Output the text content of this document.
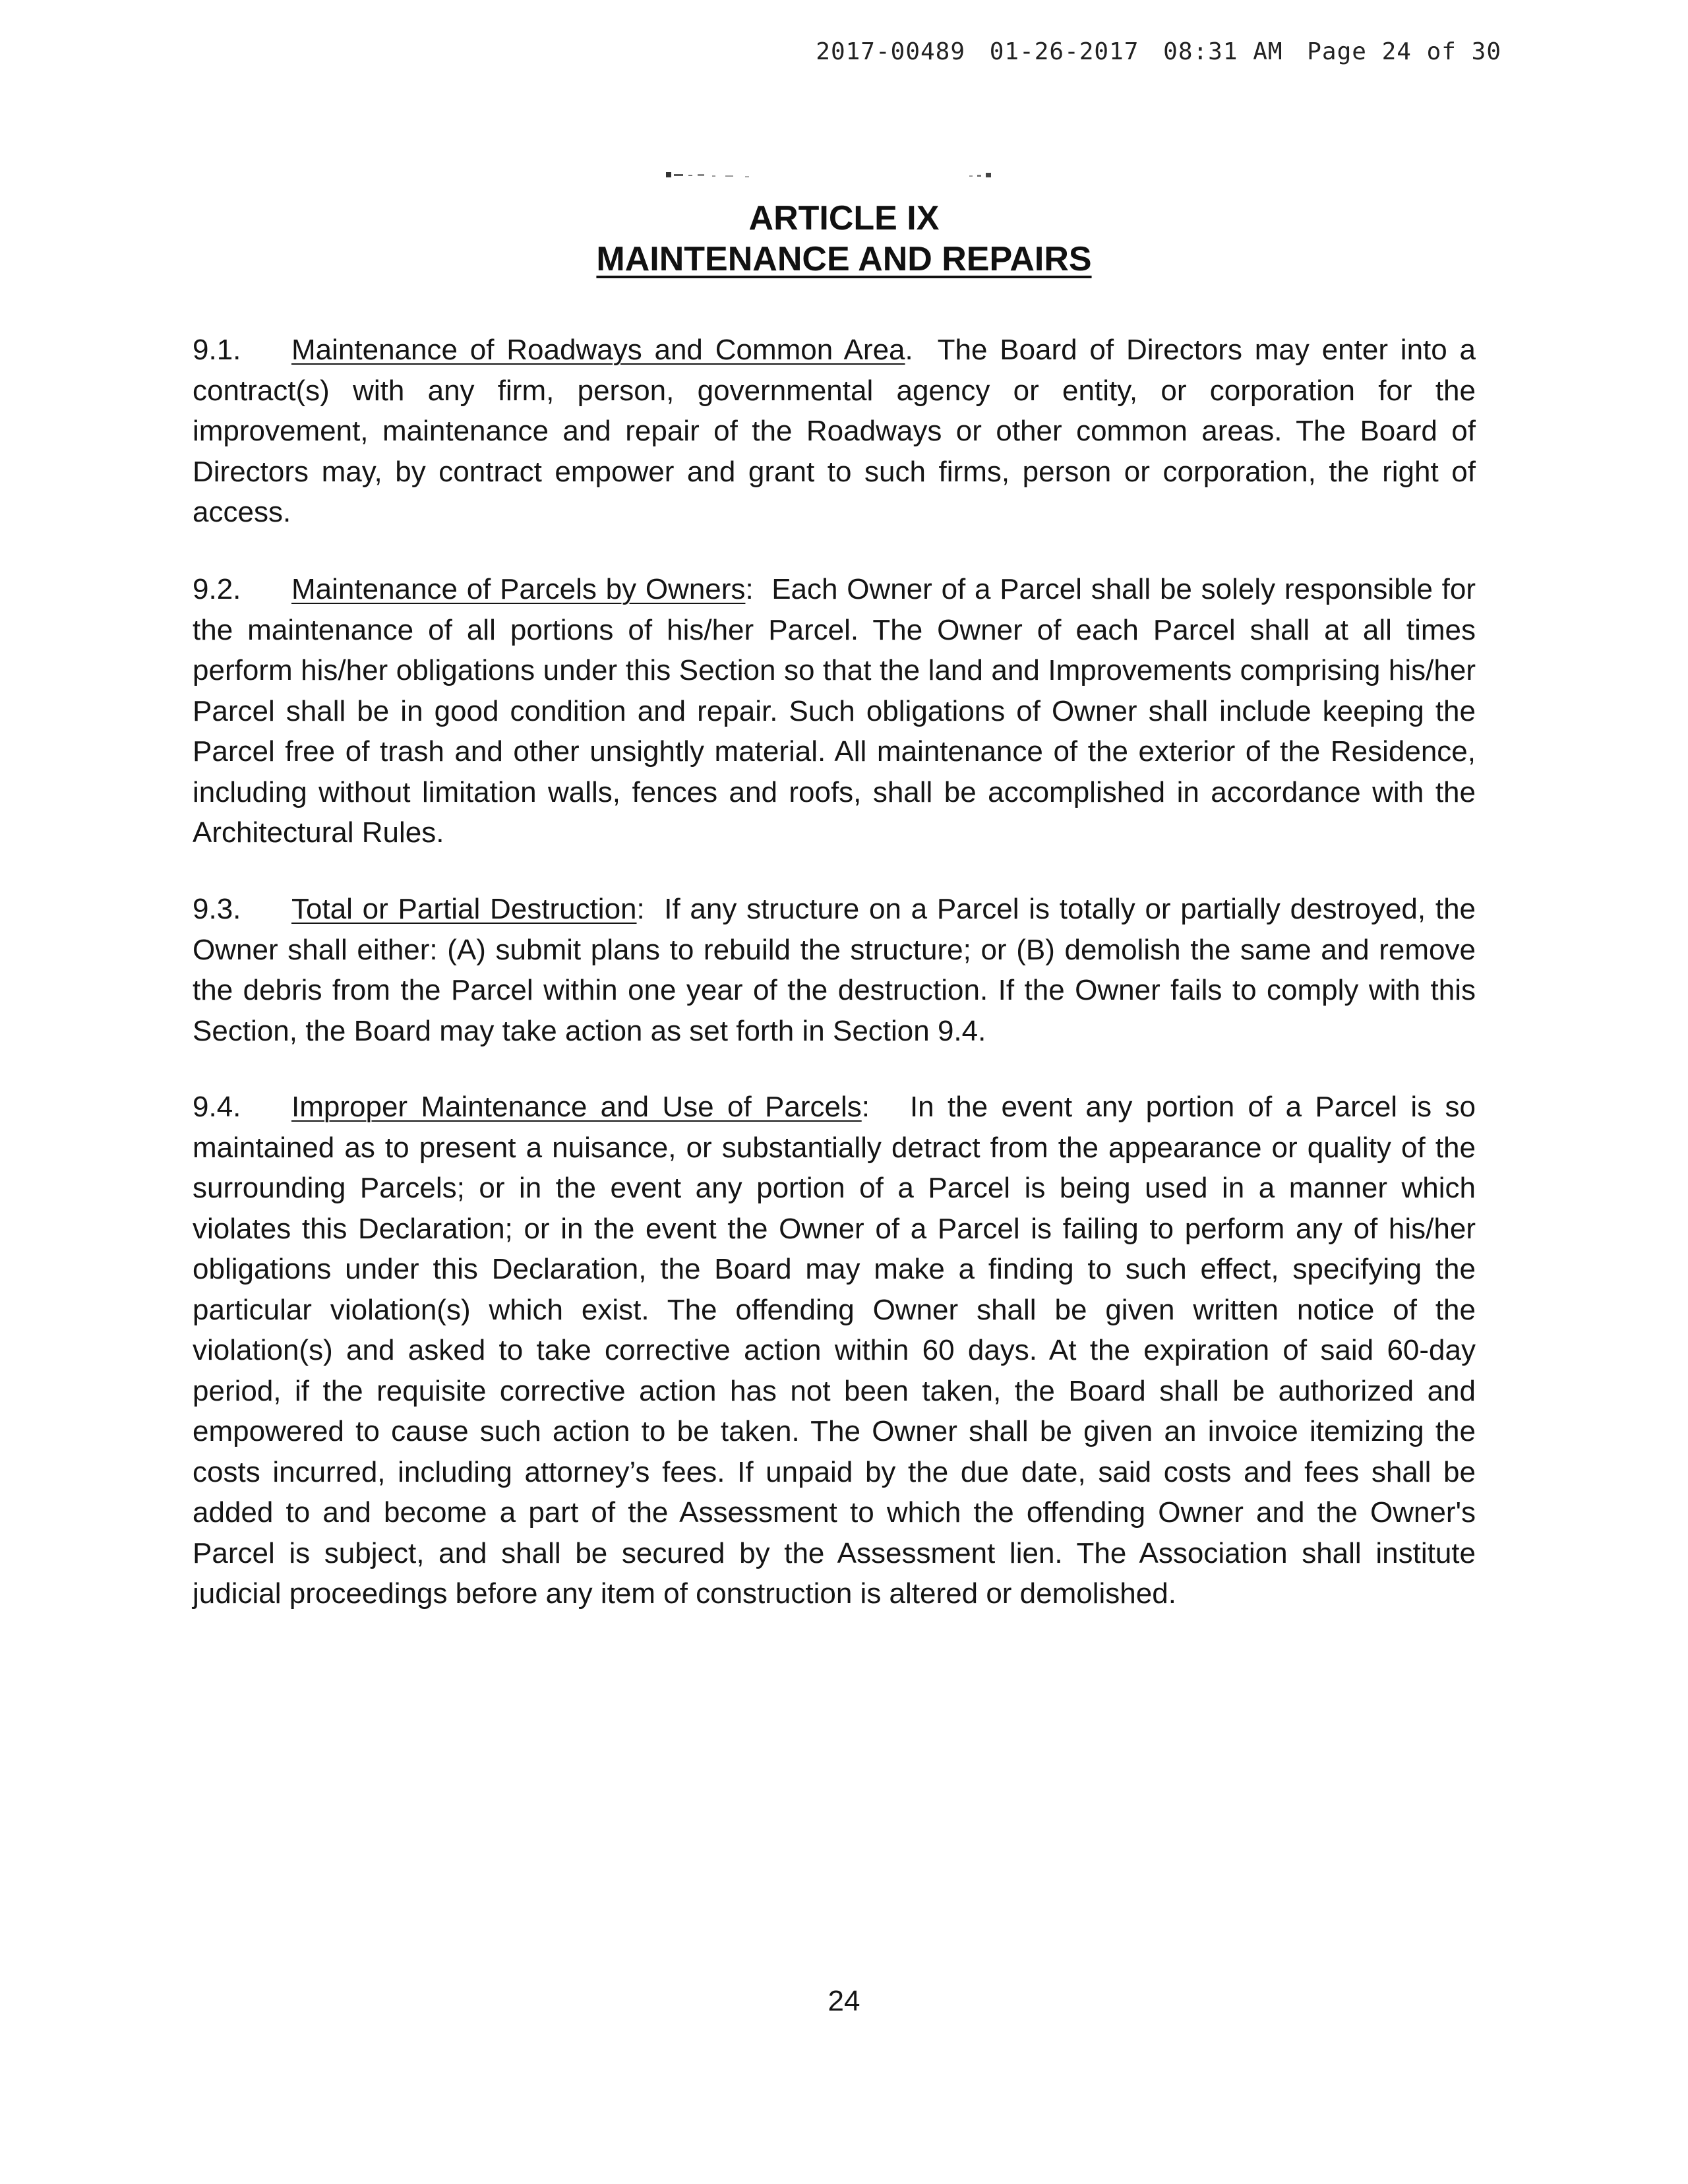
2017-00489 01-26-2017 08:31 AM Page 24 of 30
ARTICLE IX
MAINTENANCE AND REPAIRS

9.1. Maintenance of Roadways and Common Area. The Board of Directors may enter into a contract(s) with any firm, person, governmental agency or entity, or corporation for the improvement, maintenance and repair of the Roadways or other common areas. The Board of Directors may, by contract empower and grant to such firms, person or corporation, the right of access.

9.2. Maintenance of Parcels by Owners: Each Owner of a Parcel shall be solely responsible for the maintenance of all portions of his/her Parcel. The Owner of each Parcel shall at all times perform his/her obligations under this Section so that the land and Improvements comprising his/her Parcel shall be in good condition and repair. Such obligations of Owner shall include keeping the Parcel free of trash and other unsightly material. All maintenance of the exterior of the Residence, including without limitation walls, fences and roofs, shall be accomplished in accordance with the Architectural Rules.

9.3. Total or Partial Destruction: If any structure on a Parcel is totally or partially destroyed, the Owner shall either: (A) submit plans to rebuild the structure; or (B) demolish the same and remove the debris from the Parcel within one year of the destruction. If the Owner fails to comply with this Section, the Board may take action as set forth in Section 9.4.

9.4. Improper Maintenance and Use of Parcels: In the event any portion of a Parcel is so maintained as to present a nuisance, or substantially detract from the appearance or quality of the surrounding Parcels; or in the event any portion of a Parcel is being used in a manner which violates this Declaration; or in the event the Owner of a Parcel is failing to perform any of his/her obligations under this Declaration, the Board may make a finding to such effect, specifying the particular violation(s) which exist. The offending Owner shall be given written notice of the violation(s) and asked to take corrective action within 60 days. At the expiration of said 60-day period, if the requisite corrective action has not been taken, the Board shall be authorized and empowered to cause such action to be taken. The Owner shall be given an invoice itemizing the costs incurred, including attorney’s fees. If unpaid by the due date, said costs and fees shall be added to and become a part of the Assessment to which the offending Owner and the Owner's Parcel is subject, and shall be secured by the Assessment lien. The Association shall institute judicial proceedings before any item of construction is altered or demolished.

24
